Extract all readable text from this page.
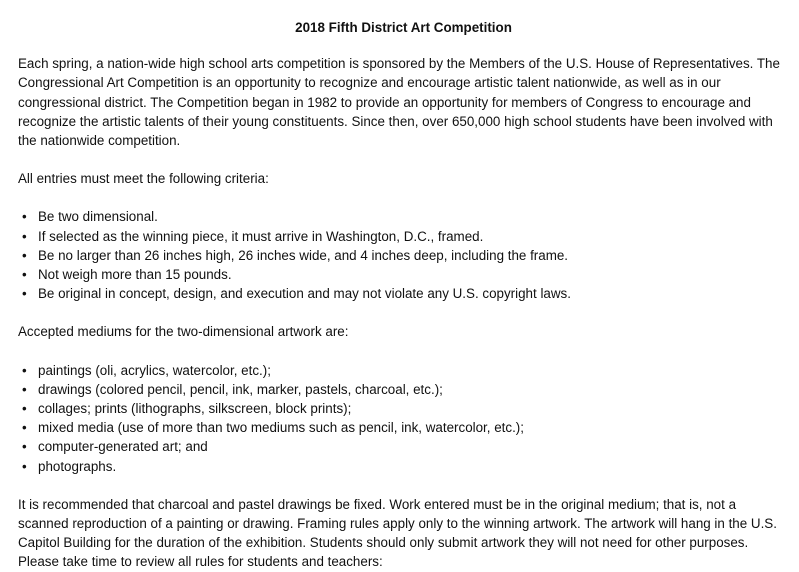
2018 Fifth District Art Competition

Each spring, a nation-wide high school arts competition is sponsored by the Members of the U.S. House of Representatives. The Congressional Art Competition is an opportunity to recognize and encourage artistic talent nationwide, as well as in our congressional district. The Competition began in 1982 to provide an opportunity for members of Congress to encourage and recognize the artistic talents of their young constituents. Since then, over 650,000 high school students have been involved with the nationwide competition.

All entries must meet the following criteria:

• Be two dimensional.
• If selected as the winning piece, it must arrive in Washington, D.C., framed.
• Be no larger than 26 inches high, 26 inches wide, and 4 inches deep, including the frame.
• Not weigh more than 15 pounds.
• Be original in concept, design, and execution and may not violate any U.S. copyright laws.

Accepted mediums for the two-dimensional artwork are:

• paintings (oli, acrylics, watercolor, etc.);
• drawings (colored pencil, pencil, ink, marker, pastels, charcoal, etc.);
• collages; prints (lithographs, silkscreen, block prints);
• mixed media (use of more than two mediums such as pencil, ink, watercolor, etc.);
• computer-generated art; and
• photographs.

It is recommended that charcoal and pastel drawings be fixed. Work entered must be in the original medium; that is, not a scanned reproduction of a painting or drawing. Framing rules apply only to the winning artwork. The artwork will hang in the U.S. Capitol Building for the duration of the exhibition. Students should only submit artwork they will not need for other purposes. Please take time to review all rules for students and teachers:
